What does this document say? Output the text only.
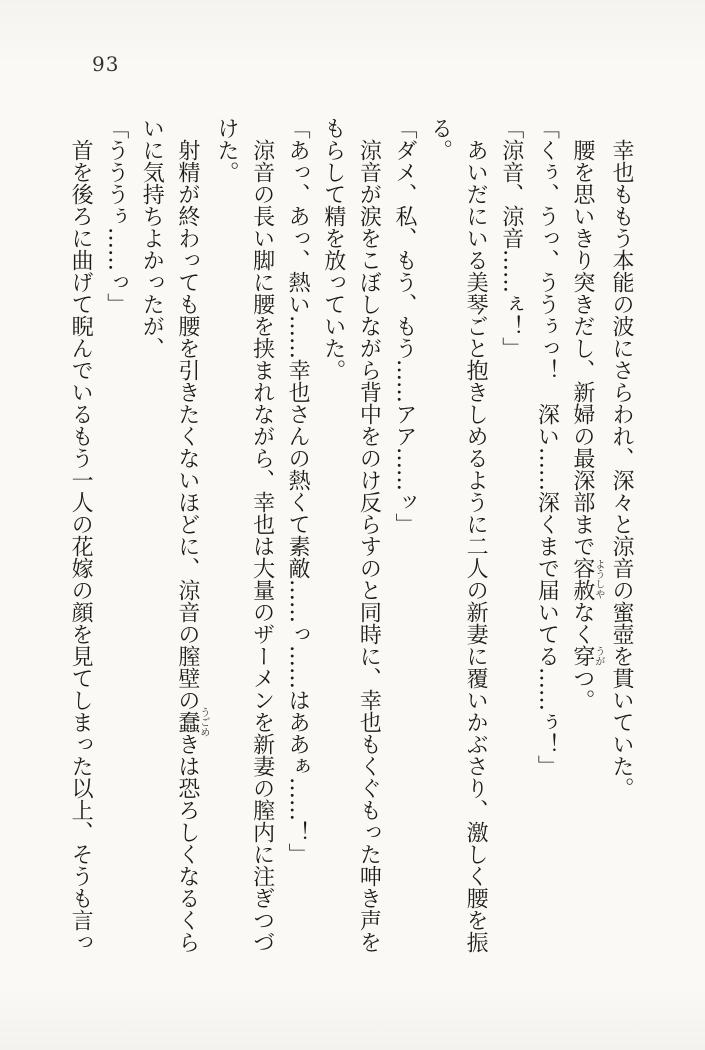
93

幸也ももう本能の波にさらわれ、深々と涼音の蜜壺を貫いていた。

腰を思いきり突きだし、新婦の最深部まで容赦ようしやなく穿うがつ。

「くぅ、うっ、ううぅっ！　深い……深くまで届いてる……ぅ！」

「涼音、涼音……ぇ！」

あいだにいる美琴ごと抱きしめるように二人の新妻に覆いかぶさり、激しく腰を振る。

「ダメ、私、もう、もう……アア……ッ」

涼音が涙をこぼしながら背中をのけ反らすのと同時に、幸也もくぐもった呻き声をもらして精を放っていた。

「あっ、あっ、熱い……幸也さんの熱くて素敵……っ……はああぁ……！」

涼音の長い脚に腰を挟まれながら、幸也は大量のザーメンを新妻の膣内に注ぎつづけた。

射精が終わっても腰を引きたくないほどに、涼音の膣壁の蠢うごめきは恐ろしくなるくらいに気持ちよかったが、

「うううぅ……っ」

首を後ろに曲げて睨んでいるもう一人の花嫁の顔を見てしまった以上、そうも言っ
